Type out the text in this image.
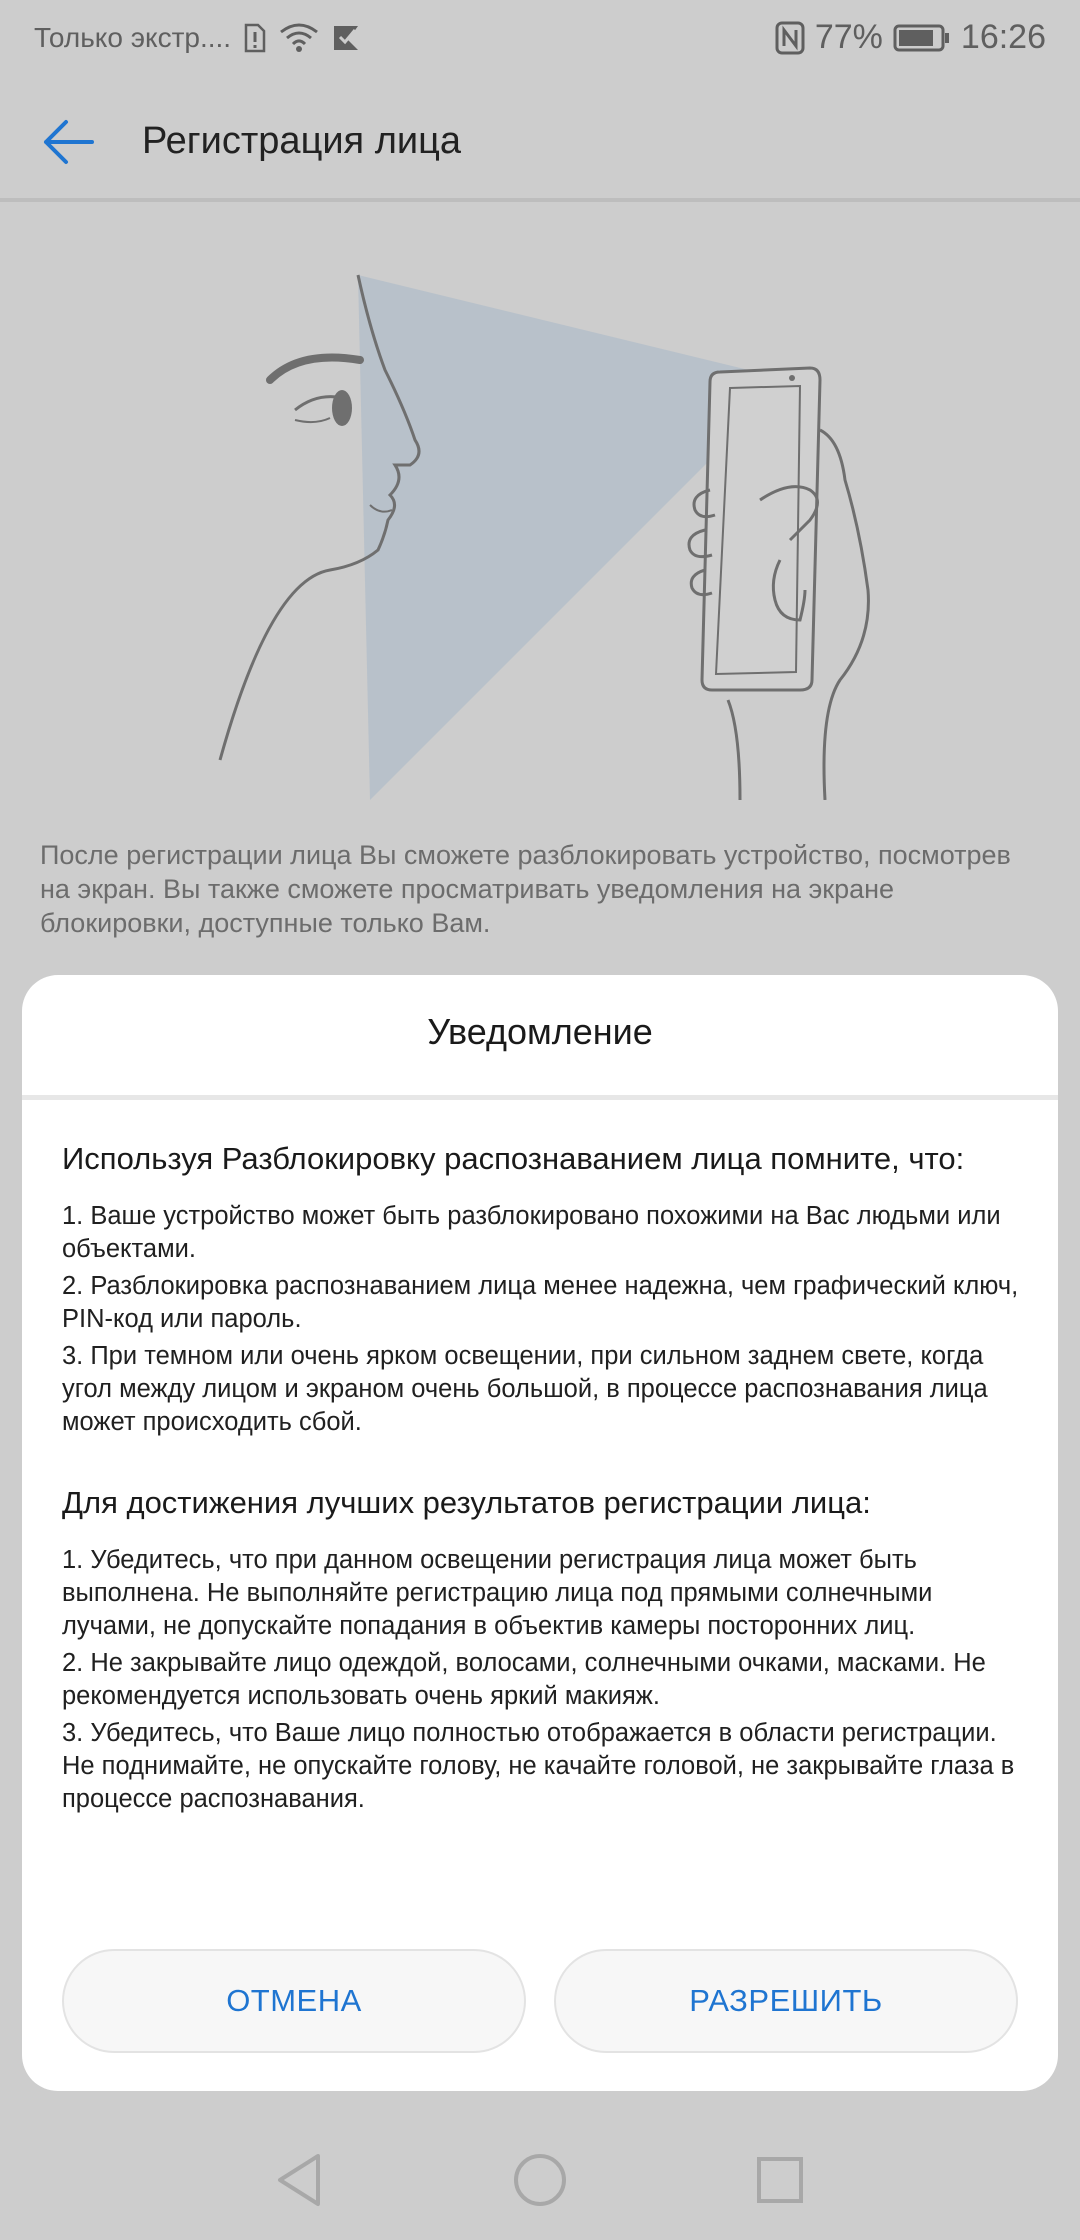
Только экстр....	77% 16:26
Регистрация лица
После регистрации лица Вы сможете разблокировать устройство, посмотрев на экран. Вы также сможете просматривать уведомления на экране блокировки, доступные только Вам.
Уведомление

Используя Разблокировку распознаванием лица помните, что:

1. Ваше устройство может быть разблокировано похожими на Вас людьми или объектами.

2. Разблокировка распознаванием лица менее надежна, чем графический ключ, PIN-код или пароль.

3. При темном или очень ярком освещении, при сильном заднем свете, когда угол между лицом и экраном очень большой, в процессе распознавания лица может происходить сбой.

Для достижения лучших результатов регистрации лица:

1. Убедитесь, что при данном освещении регистрация лица может быть выполнена. Не выполняйте регистрацию лица под прямыми солнечными лучами, не допускайте попадания в объектив камеры посторонних лиц.

2. Не закрывайте лицо одеждой, волосами, солнечными очками, масками. Не рекомендуется использовать очень яркий макияж.

3. Убедитесь, что Ваше лицо полностью отображается в области регистрации. Не поднимайте, не опускайте голову, не качайте головой, не закрывайте глаза в процессе распознавания.

ОТМЕНА	РАЗРЕШИТЬ
